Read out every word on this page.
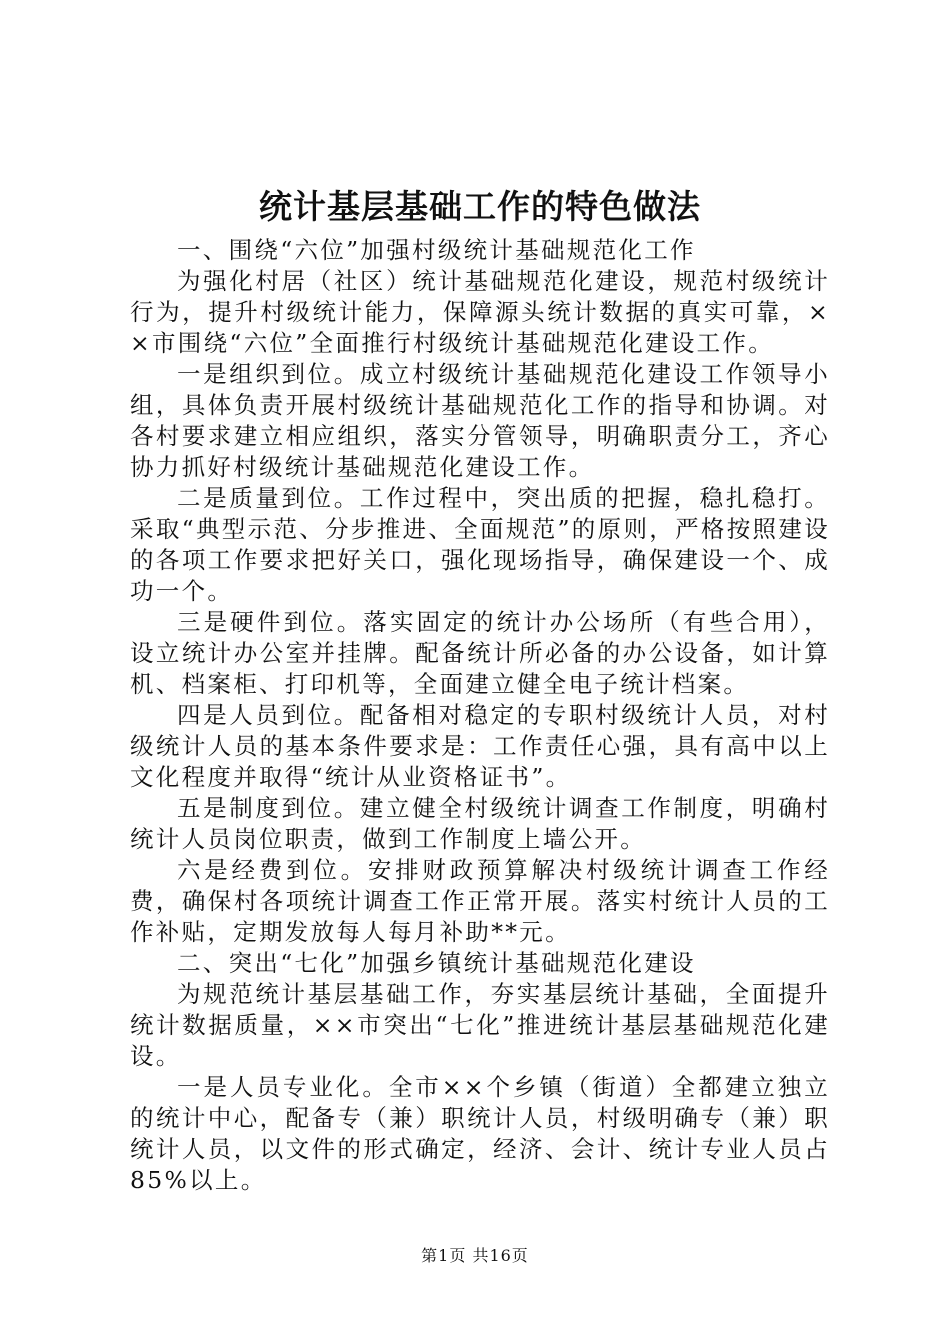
统计基层基础工作的特色做法

一、围绕“六位”加强村级统计基础规范化工作

为强化村居（社区）统计基础规范化建设，规范村级统计行为，提升村级统计能力，保障源头统计数据的真实可靠，××市围绕“六位”全面推行村级统计基础规范化建设工作。

一是组织到位。成立村级统计基础规范化建设工作领导小组，具体负责开展村级统计基础规范化工作的指导和协调。对各村要求建立相应组织，落实分管领导，明确职责分工，齐心协力抓好村级统计基础规范化建设工作。

二是质量到位。工作过程中，突出质的把握，稳扎稳打。采取“典型示范、分步推进、全面规范”的原则，严格按照建设的各项工作要求把好关口，强化现场指导，确保建设一个、成功一个。

三是硬件到位。落实固定的统计办公场所（有些合用），设立统计办公室并挂牌。配备统计所必备的办公设备，如计算机、档案柜、打印机等，全面建立健全电子统计档案。

四是人员到位。配备相对稳定的专职村级统计人员，对村级统计人员的基本条件要求是：工作责任心强，具有高中以上文化程度并取得“统计从业资格证书”。

五是制度到位。建立健全村级统计调查工作制度，明确村统计人员岗位职责，做到工作制度上墙公开。

六是经费到位。安排财政预算解决村级统计调查工作经费，确保村各项统计调查工作正常开展。落实村统计人员的工作补贴，定期发放每人每月补助**元。

二、突出“七化”加强乡镇统计基础规范化建设

为规范统计基层基础工作，夯实基层统计基础，全面提升统计数据质量，××市突出“七化”推进统计基层基础规范化建设。

一是人员专业化。全市××个乡镇（街道）全都建立独立的统计中心，配备专（兼）职统计人员，村级明确专（兼）职统计人员，以文件的形式确定，经济、会计、统计专业人员占85%以上。

第1页 共16页
